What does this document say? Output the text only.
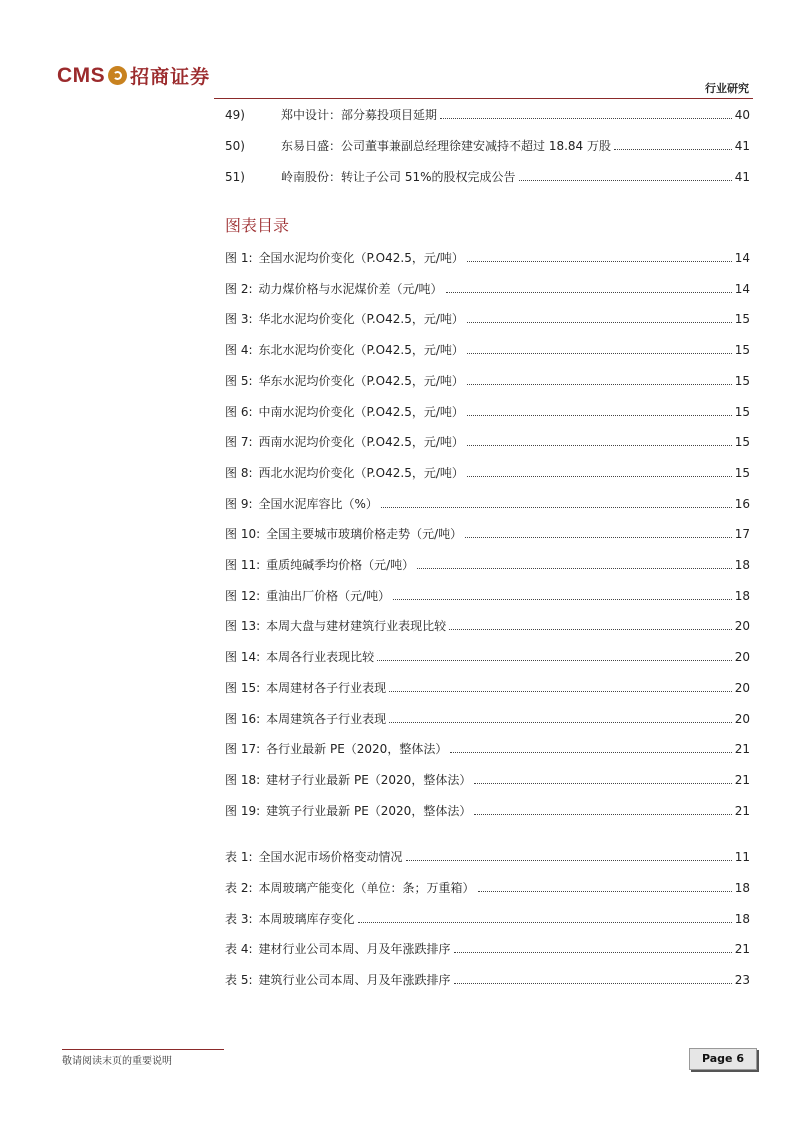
CMS 招商证券
行业研究
49)	郑中设计：部分募投项目延期	40
50)	东易日盛：公司董事兼副总经理徐建安减持不超过 18.84 万股	41
51)	岭南股份：转让子公司 51%的股权完成公告	41
图表目录
图 1: 全国水泥均价变化（P.O42.5，元/吨）	14
图 2: 动力煤价格与水泥煤价差（元/吨）	14
图 3: 华北水泥均价变化（P.O42.5，元/吨）	15
图 4: 东北水泥均价变化（P.O42.5，元/吨）	15
图 5: 华东水泥均价变化（P.O42.5，元/吨）	15
图 6: 中南水泥均价变化（P.O42.5，元/吨）	15
图 7: 西南水泥均价变化（P.O42.5，元/吨）	15
图 8: 西北水泥均价变化（P.O42.5，元/吨）	15
图 9: 全国水泥库容比（%）	16
图 10: 全国主要城市玻璃价格走势（元/吨）	17
图 11: 重质纯碱季均价格（元/吨）	18
图 12: 重油出厂价格（元/吨）	18
图 13: 本周大盘与建材建筑行业表现比较	20
图 14: 本周各行业表现比较	20
图 15: 本周建材各子行业表现	20
图 16: 本周建筑各子行业表现	20
图 17: 各行业最新 PE（2020，整体法）	21
图 18: 建材子行业最新 PE（2020，整体法）	21
图 19: 建筑子行业最新 PE（2020，整体法）	21
表 1: 全国水泥市场价格变动情况	11
表 2: 本周玻璃产能变化（单位：条；万重箱）	18
表 3: 本周玻璃库存变化	18
表 4: 建材行业公司本周、月及年涨跌排序	21
表 5: 建筑行业公司本周、月及年涨跌排序	23
敬请阅读末页的重要说明	Page 6
